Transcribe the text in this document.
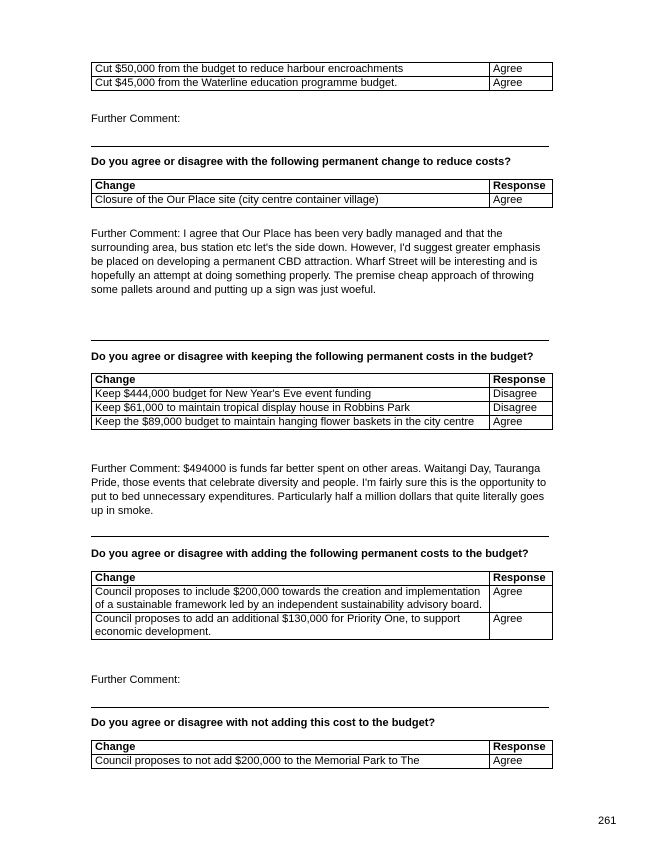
Cut $50,000 from the budget to reduce harbour encroachments	Agree
Cut $45,000 from the Waterline education programme budget.	Agree
Further Comment:
Do you agree or disagree with the following permanent change to reduce costs?
Change	Response
Closure of the Our Place site (city centre container village)	Agree
Further Comment: I agree that Our Place has been very badly managed and that the surrounding area, bus station etc let's the side down. However, I'd suggest greater emphasis be placed on developing a permanent CBD attraction. Wharf Street will be interesting and is hopefully an attempt at doing something properly. The premise cheap approach of throwing some pallets around and putting up a sign was just woeful.
Do you agree or disagree with keeping the following permanent costs in the budget?
Change	Response
Keep $444,000 budget for New Year's Eve event funding	Disagree
Keep $61,000 to maintain tropical display house in Robbins Park	Disagree
Keep the $89,000 budget to maintain hanging flower baskets in the city centre	Agree
Further Comment: $494000 is funds far better spent on other areas. Waitangi Day, Tauranga Pride, those events that celebrate diversity and people. I'm fairly sure this is the opportunity to put to bed unnecessary expenditures. Particularly half a million dollars that quite literally goes up in smoke.
Do you agree or disagree with adding the following permanent costs to the budget?
Change	Response
Council proposes to include $200,000 towards the creation and implementation of a sustainable framework led by an independent sustainability advisory board.	Agree
Council proposes to add an additional $130,000 for Priority One, to support economic development.	Agree
Further Comment:
Do you agree or disagree with not adding this cost to the budget?
Change	Response
Council proposes to not add $200,000 to the Memorial Park to The	Agree
261
